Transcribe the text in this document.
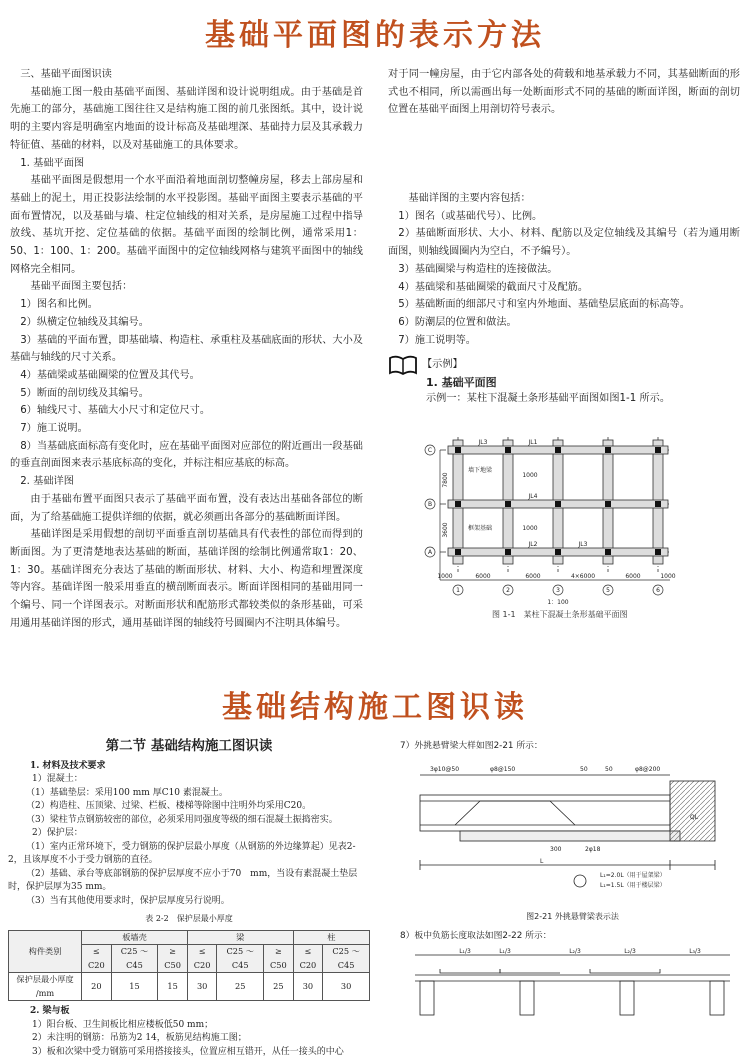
基础平面图的表示方法

三、基础平面图识读

基础施工图一般由基础平面图、基础详图和设计说明组成。由于基础是首先施工的部分，基础施工图往往又是结构施工图的前几张图纸。其中，设计说明的主要内容是明确室内地面的设计标高及基础埋深、基础持力层及其承载力特征值、基础的材料，以及对基础施工的具体要求。

1. 基础平面图

基础平面图是假想用一个水平面沿着地面剖切整幢房屋，移去上部房屋和基础上的泥土，用正投影法绘制的水平投影图。基础平面图主要表示基础的平面布置情况，以及基础与墙、柱定位轴线的相对关系，是房屋施工过程中指导放线、基坑开挖、定位基础的依据。基础平面图的绘制比例，通常采用1：50、1：100、1：200。基础平面图中的定位轴线网格与建筑平面图中的轴线网格完全相同。

基础平面图主要包括：

1）图名和比例。

2）纵横定位轴线及其编号。

3）基础的平面布置，即基础墙、构造柱、承重柱及基础底面的形状、大小及基础与轴线的尺寸关系。

4）基础梁或基础圈梁的位置及其代号。

5）断面的剖切线及其编号。

6）轴线尺寸、基础大小尺寸和定位尺寸。

7）施工说明。

8）当基础底面标高有变化时，应在基础平面图对应部位的附近画出一段基础的垂直剖面图来表示基底标高的变化，并标注相应基底的标高。

2. 基础详图

由于基础布置平面图只表示了基础平面布置，没有表达出基础各部位的断面，为了给基础施工提供详细的依据，就必须画出各部分的基础断面详图。

基础详图是采用假想的剖切平面垂直剖切基础具有代表性的部位而得到的断面图。为了更清楚地表达基础的断面，基础详图的绘制比例通常取1：20、1：30。基础详图充分表达了基础的断面形状、材料、大小、构造和埋置深度等内容。基础详图一般采用垂直的横剖断面表示。断面详图相同的基础用同一个编号、同一个详图表示。对断面形状和配筋形式都较类似的条形基础，可采用通用基础详图的形式，通用基础详图的轴线符号圆圈内不注明具体编号。

对于同一幢房屋，由于它内部各处的荷载和地基承载力不同，其基础断面的形式也不相同，所以需画出每一处断面形式不同的基础的断面详图，断面的剖切位置在基础平面图上用剖切符号表示。

基础详图的主要内容包括：

1）图名（或基础代号）、比例。

2）基础断面形状、大小、材料、配筋以及定位轴线及其编号（若为通用断面图，则轴线圆圈内为空白，不予编号）。

3）基础圈梁与构造柱的连接做法。

4）基础梁和基础圈梁的截面尺寸及配筋。

5）基础断面的细部尺寸和室内外地面、基础垫层底面的标高等。

6）防潮层的位置和做法。

7）施工说明等。

【示例】
1. 基础平面图
示例一：某柱下混凝土条形基础平面图如图1-1 所示。
C
B
A
1	2	3	5	6
1000	6000	6000	4×6000	6000	1000
1：100
JL3	JL1
JL4
JL2	JL3
墙下地梁
框架基础
1000
1000
7800
3600
图 1-1　某柱下混凝土条形基础平面图
基础结构施工图识读
第二节 基础结构施工图识读
1. 材料及技术要求

1）混凝土：

（1）基础垫层：采用100 mm 厚C10 素混凝土。

（2）构造柱、压顶梁、过梁、栏板、楼梯等除图中注明外均采用C20。

（3）梁柱节点钢筋较密的部位，必须采用同强度等级的细石混凝土振捣密实。

2）保护层：

（1）室内正常环境下，受力钢筋的保护层最小厚度（从钢筋的外边缘算起）见表2-2，且该厚度不小于受力钢筋的直径。

（2）基础、承台等底部钢筋的保护层厚度不应小于70　mm，当设有素混凝土垫层时，保护层厚为35 mm。

（3）当有其他使用要求时，保护层厚度另行说明。

表 2-2　保护层最小厚度
构件类别	板墙壳			梁			柱	
	≤ C20	C25 ～ C45	≥ C50	≤ C20	C25 ～ C45	≥ C50	≤ C20	C25 ～ C45
保护层最小厚度 /mm	20	15	15	30	25	25	30	30
2. 梁与板

1）阳台板、卫生间板比相应楼板低50 mm；

2）未注明的钢筋：吊筋为2 14，板筋见结构施工图；

3）板和次梁中受力钢筋可采用搭接接头，位置应相互错开，从任一接头的中心

7）外挑悬臂梁大样如图2-21 所示：
3φ10@50	φ8@150	φ8@200
300	2φ18
QL
50	50
L
L₁=2.0L（用于屋架梁）
L₁=1.5L（用于楼层梁）
图2-21 外挑悬臂梁表示法
8）板中负筋长度取法如图2-22 所示：
L₁/3	L₁/3	L₂/3	L₂/3	L₃/3
